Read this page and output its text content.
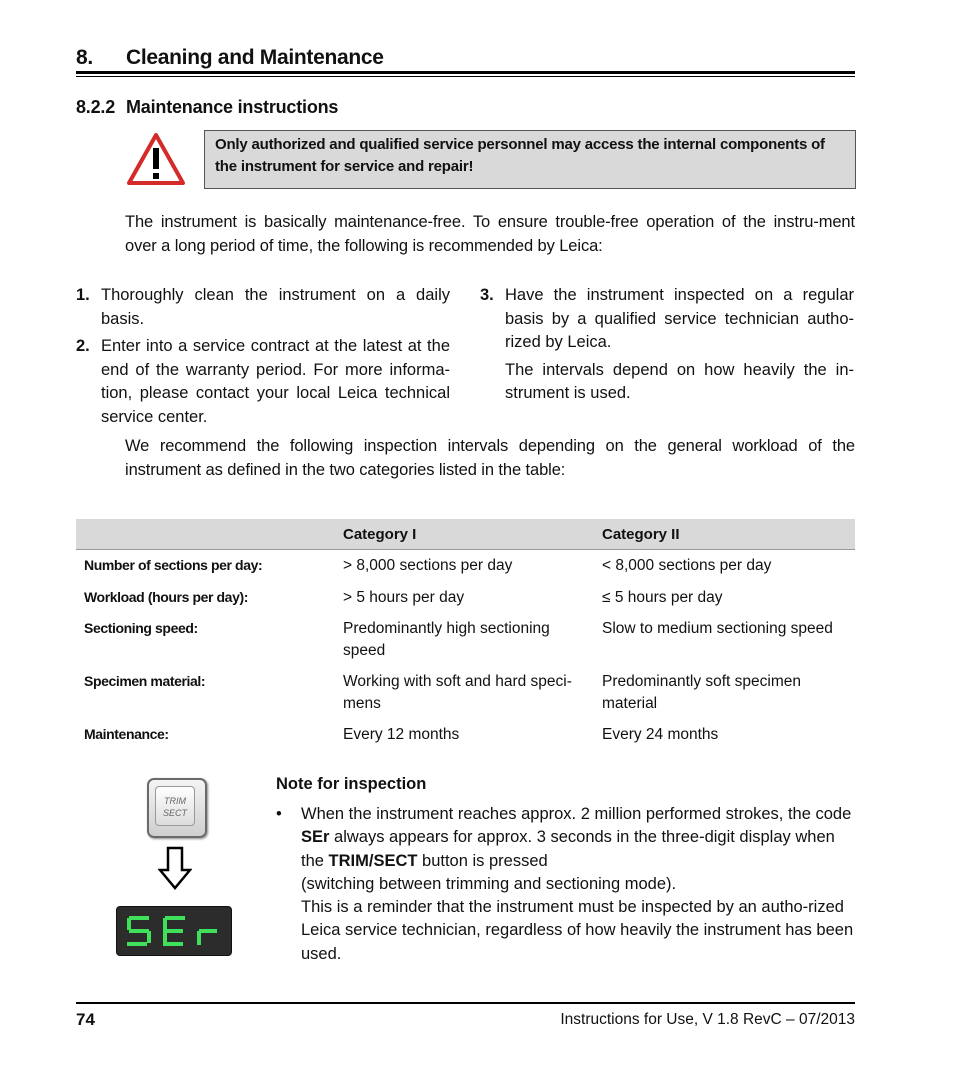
8. Cleaning and Maintenance
8.2.2 Maintenance instructions
Only authorized and qualified service personnel may access the internal components of the instrument for service and repair!
The instrument is basically maintenance-free. To ensure trouble-free operation of the instru-ment over a long period of time, the following is recommended by Leica:
1. Thoroughly clean the instrument on a daily basis.
2. Enter into a service contract at the latest at the end of the warranty period. For more informa-tion, please contact your local Leica technical service center.
3. Have the instrument inspected on a regular basis by a qualified service technician autho-rized by Leica.
The intervals depend on how heavily the in-strument is used.
We recommend the following inspection intervals depending on the general workload of the instrument as defined in the two categories listed in the table:
	Category I	Category II
Number of sections per day:	> 8,000 sections per day	< 8,000 sections per day
Workload (hours per day):	> 5 hours per day	≤ 5 hours per day
Sectioning speed:	Predominantly high sectioning speed	Slow to medium sectioning speed
Specimen material:	Working with soft and hard speci-mens	Predominantly soft specimen material
Maintenance:	Every 12 months	Every 24 months
TRIM
SECT
Note for inspection
• When the instrument reaches approx. 2 million performed strokes, the code SEr always appears for approx. 3 seconds in the three-digit display when the TRIM/SECT button is pressed
(switching between trimming and sectioning mode).
This is a reminder that the instrument must be inspected by an autho-rized Leica service technician, regardless of how heavily the instrument has been used.
74	Instructions for Use, V 1.8 RevC – 07/2013
